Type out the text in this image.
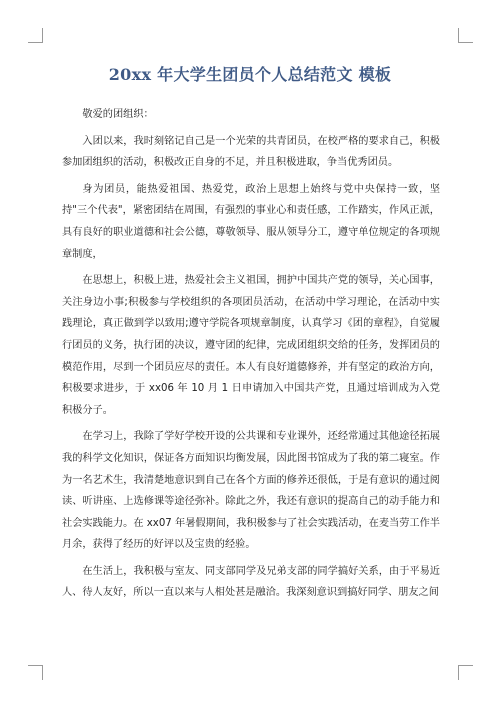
20xx 年大学生团员个人总结范文 模板

敬爱的团组织：

入团以来，我时刻铭记自己是一个光荣的共青团员，在校严格的要求自己，积极参加团组织的活动，积极改正自身的不足，并且积极进取，争当优秀团员。

身为团员，能热爱祖国、热爱党，政治上思想上始终与党中央保持一致，坚持"三个代表"，紧密团结在周围，有强烈的事业心和责任感，工作踏实，作风正派，具有良好的职业道德和社会公德，尊敬领导、服从领导分工，遵守单位规定的各项规章制度，

在思想上，积极上进，热爱社会主义祖国，拥护中国共产党的领导，关心国事，关注身边小事;积极参与学校组织的各项团员活动，在活动中学习理论，在活动中实践理论，真正做到学以致用;遵守学院各项规章制度，认真学习《团的章程》，自觉履行团员的义务，执行团的决议，遵守团的纪律，完成团组织交给的任务，发挥团员的模范作用，尽到一个团员应尽的责任。本人有良好道德修养，并有坚定的政治方向，积极要求进步，于 xx06 年 10 月 1 日申请加入中国共产党，且通过培训成为入党积极分子。

在学习上，我除了学好学校开设的公共课和专业课外，还经常通过其他途径拓展我的科学文化知识，保证各方面知识均衡发展，因此图书馆成为了我的第二寝室。作为一名艺术生，我清楚地意识到自己在各个方面的修养还很低，于是有意识的通过阅读、听讲座、上选修课等途径弥补。除此之外，我还有意识的提高自己的动手能力和社会实践能力。在 xx07 年暑假期间，我积极参与了社会实践活动，在麦当劳工作半月余，获得了经历的好评以及宝贵的经验。

在生活上，我积极与室友、同支部同学及兄弟支部的同学搞好关系，由于平易近人、待人友好，所以一直以来与人相处甚是融洽。我深刻意识到搞好同学、朋友之间
